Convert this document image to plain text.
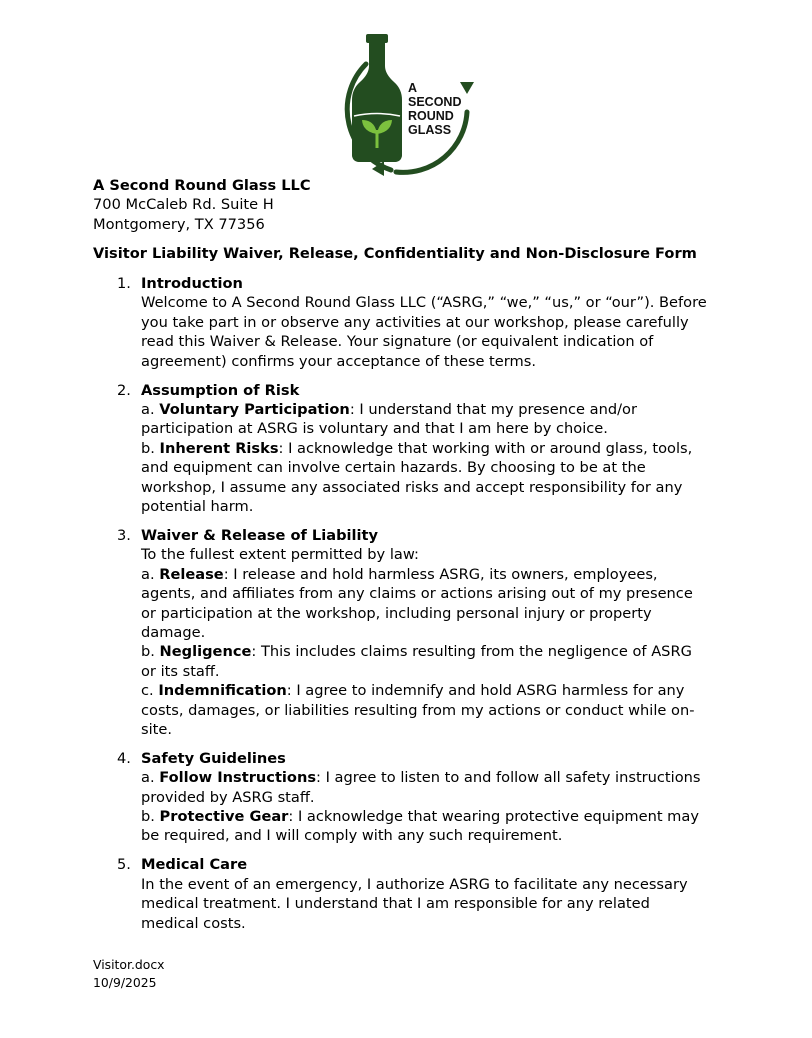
A
SECOND
ROUND
GLASS
A Second Round Glass LLC
700 McCaleb Rd. Suite H
Montgomery, TX 77356
Visitor Liability Waiver, Release, Confidentiality and Non-Disclosure Form
1. Introduction
Welcome to A Second Round Glass LLC (“ASRG,” “we,” “us,” or “our”). Before
you take part in or observe any activities at our workshop, please carefully
read this Waiver & Release. Your signature (or equivalent indication of
agreement) confirms your acceptance of these terms.
2. Assumption of Risk
a. Voluntary Participation: I understand that my presence and/or
participation at ASRG is voluntary and that I am here by choice.
b. Inherent Risks: I acknowledge that working with or around glass, tools,
and equipment can involve certain hazards. By choosing to be at the
workshop, I assume any associated risks and accept responsibility for any
potential harm.
3. Waiver & Release of Liability
To the fullest extent permitted by law:
a. Release: I release and hold harmless ASRG, its owners, employees,
agents, and affiliates from any claims or actions arising out of my presence
or participation at the workshop, including personal injury or property
damage.
b. Negligence: This includes claims resulting from the negligence of ASRG
or its staff.
c. Indemnification: I agree to indemnify and hold ASRG harmless for any
costs, damages, or liabilities resulting from my actions or conduct while on-
site.
4. Safety Guidelines
a. Follow Instructions: I agree to listen to and follow all safety instructions
provided by ASRG staff.
b. Protective Gear: I acknowledge that wearing protective equipment may
be required, and I will comply with any such requirement.
5. Medical Care
In the event of an emergency, I authorize ASRG to facilitate any necessary
medical treatment. I understand that I am responsible for any related
medical costs.
Visitor.docx
10/9/2025
